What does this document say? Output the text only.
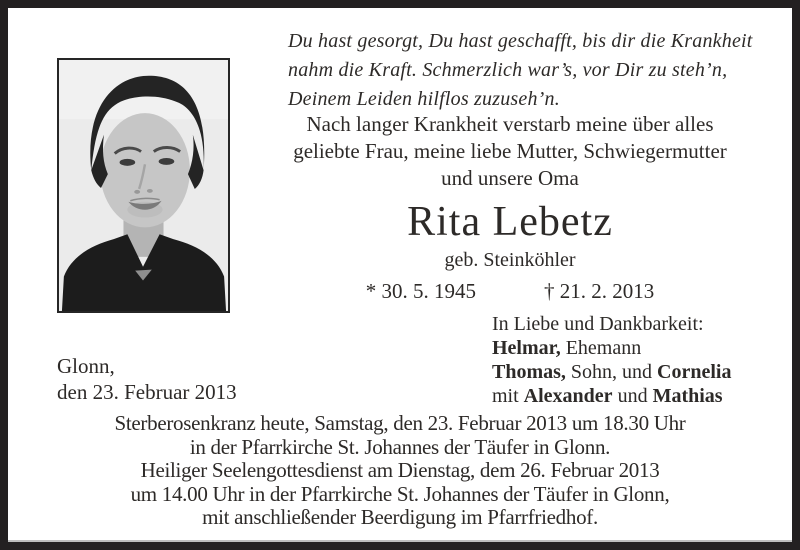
Du hast gesorgt, Du hast geschafft, bis dir die Krankheit
nahm die Kraft. Schmerzlich war’s, vor Dir zu steh’n,
Deinem Leiden hilflos zuzuseh’n.
Nach langer Krankheit verstarb meine über alles
geliebte Frau, meine liebe Mutter, Schwiegermutter
und unsere Oma
Rita Lebetz
geb. Steinköhler
* 30. 5. 1945	† 21. 2. 2013
In Liebe und Dankbarkeit:
Helmar, Ehemann
Thomas, Sohn, und Cornelia
mit Alexander und Mathias
Glonn,
den 23. Februar 2013
Sterberosenkranz heute, Samstag, den 23. Februar 2013 um 18.30 Uhr
in der Pfarrkirche St. Johannes der Täufer in Glonn.
Heiliger Seelengottesdienst am Dienstag, dem 26. Februar 2013
um 14.00 Uhr in der Pfarrkirche St. Johannes der Täufer in Glonn,
mit anschließender Beerdigung im Pfarrfriedhof.
